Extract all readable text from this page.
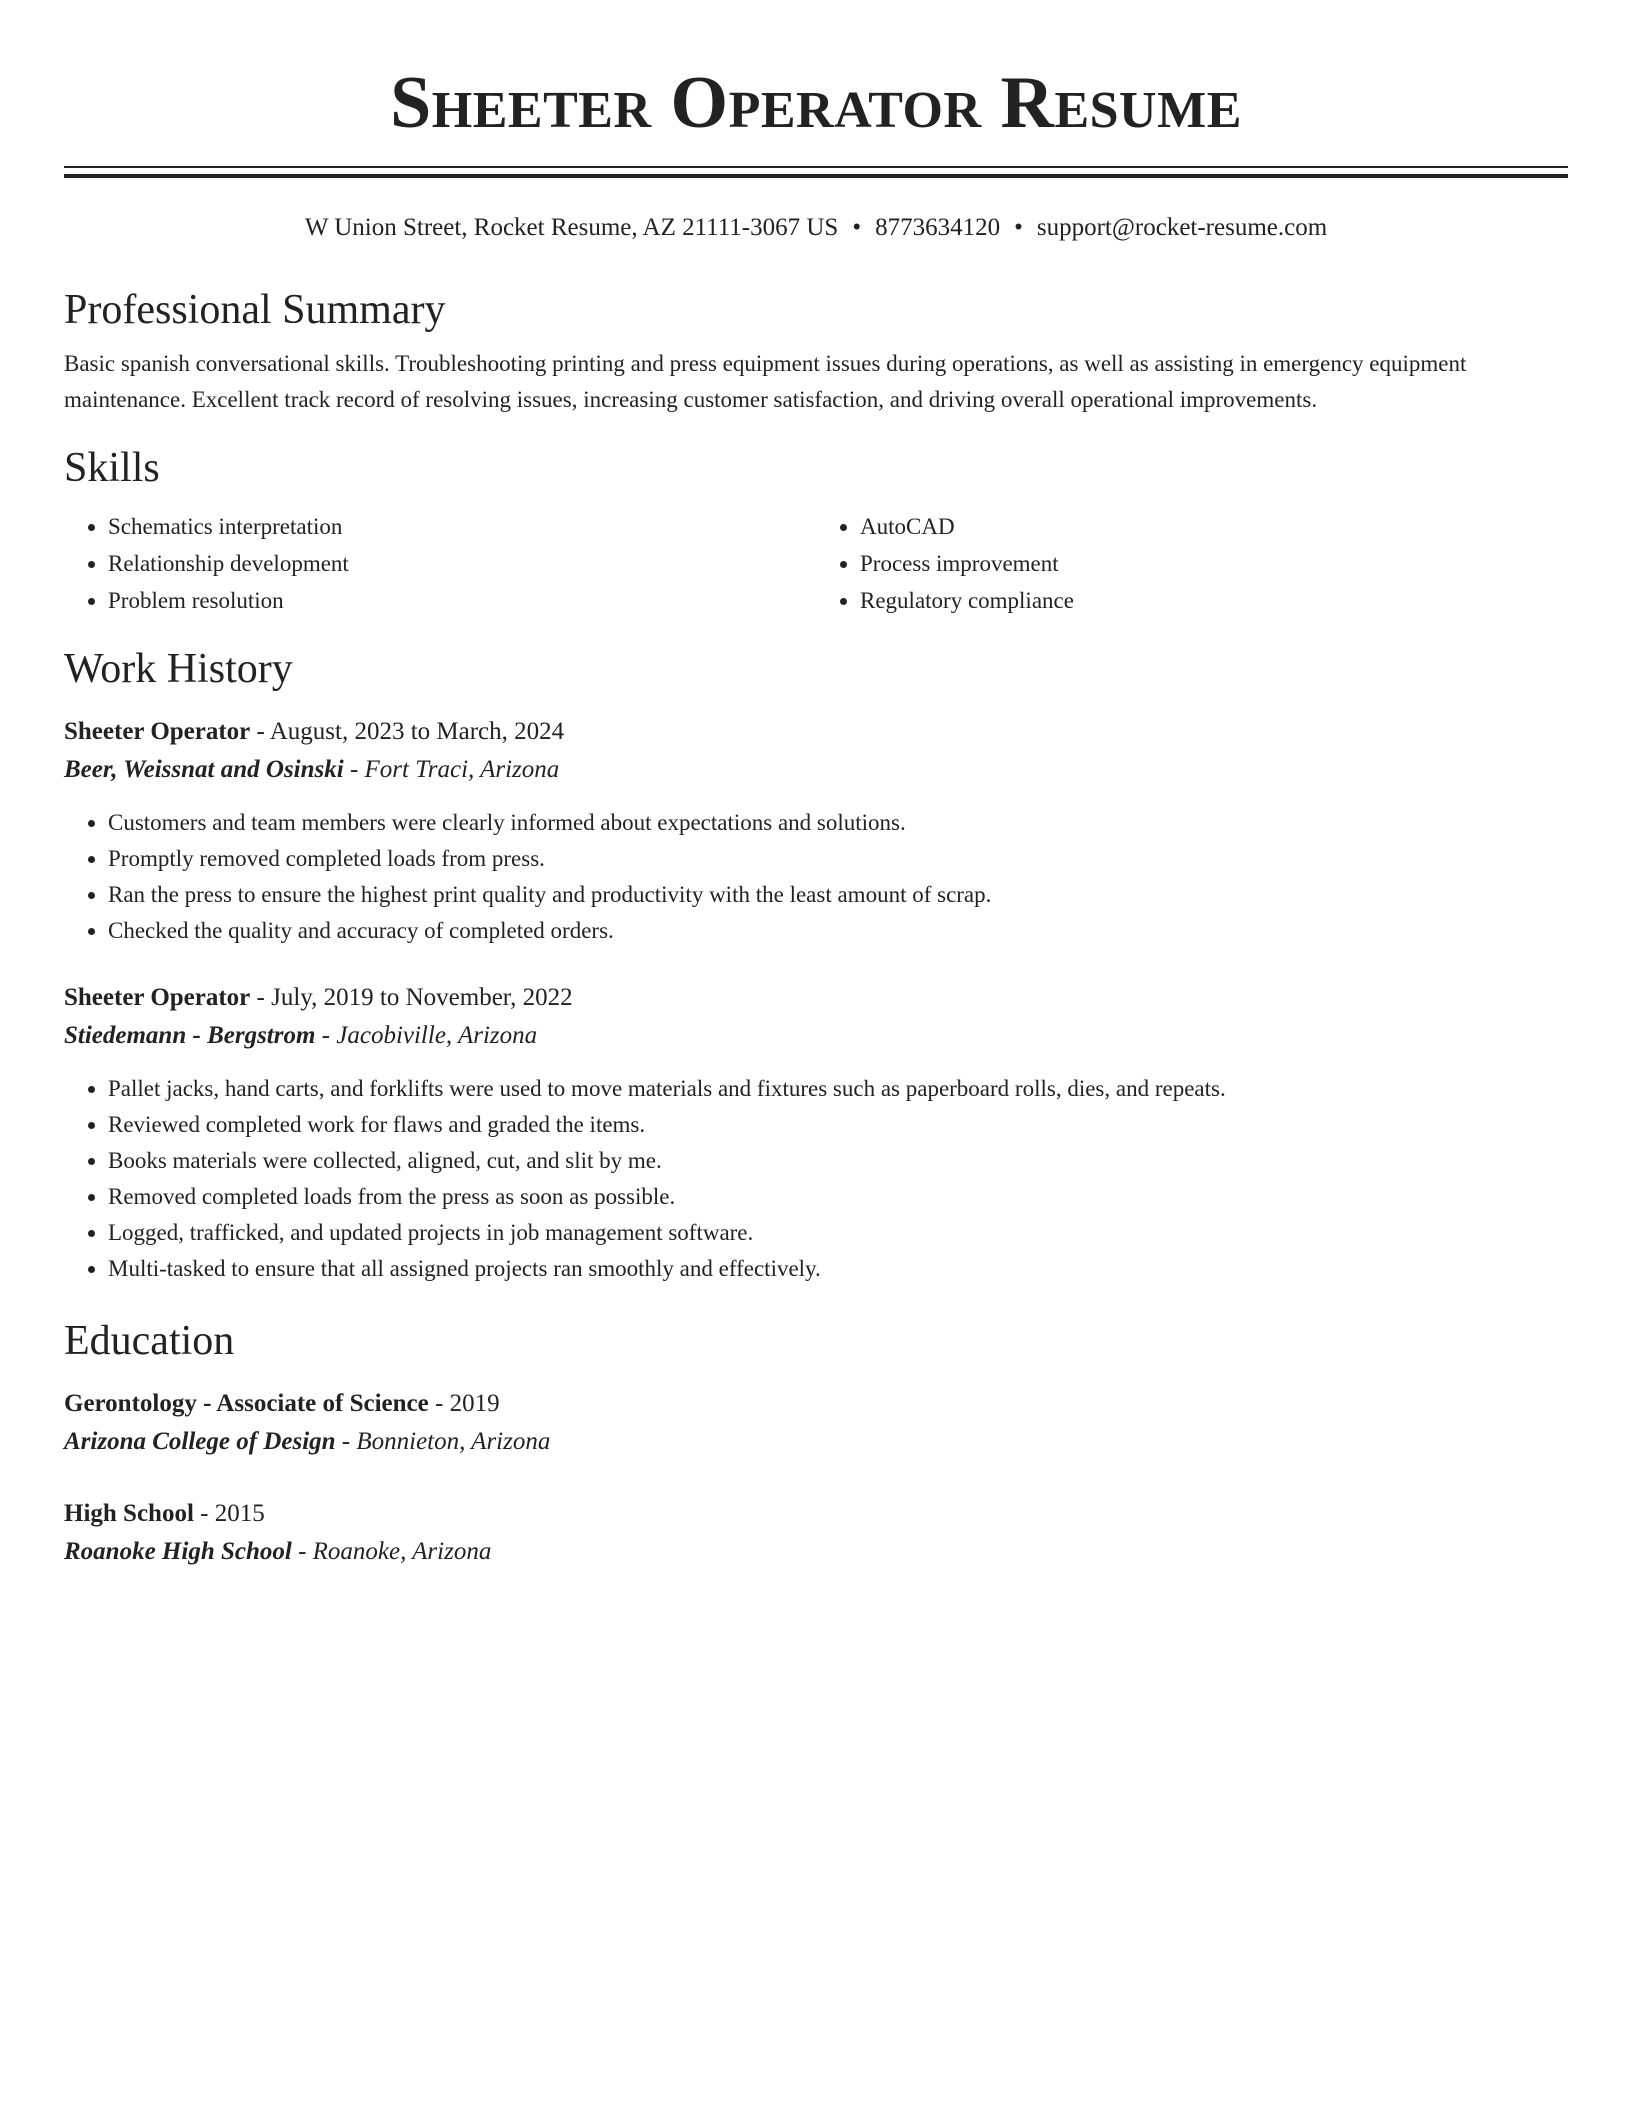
Sheeter Operator Resume
W Union Street, Rocket Resume, AZ 21111-3067 US • 8773634120 • support@rocket-resume.com
Professional Summary

Basic spanish conversational skills. Troubleshooting printing and press equipment issues during operations, as well as assisting in emergency equipment maintenance. Excellent track record of resolving issues, increasing customer satisfaction, and driving overall operational improvements.

Skills
• Schematics interpretation
• Relationship development
• Problem resolution
• AutoCAD
• Process improvement
• Regulatory compliance
Work History
Sheeter Operator - August, 2023 to March, 2024
Beer, Weissnat and Osinski - Fort Traci, Arizona
• Customers and team members were clearly informed about expectations and solutions.
• Promptly removed completed loads from press.
• Ran the press to ensure the highest print quality and productivity with the least amount of scrap.
• Checked the quality and accuracy of completed orders.
Sheeter Operator - July, 2019 to November, 2022
Stiedemann - Bergstrom - Jacobiville, Arizona
• Pallet jacks, hand carts, and forklifts were used to move materials and fixtures such as paperboard rolls, dies, and repeats.
• Reviewed completed work for flaws and graded the items.
• Books materials were collected, aligned, cut, and slit by me.
• Removed completed loads from the press as soon as possible.
• Logged, trafficked, and updated projects in job management software.
• Multi-tasked to ensure that all assigned projects ran smoothly and effectively.
Education
Gerontology - Associate of Science - 2019
Arizona College of Design - Bonnieton, Arizona
High School - 2015
Roanoke High School - Roanoke, Arizona
